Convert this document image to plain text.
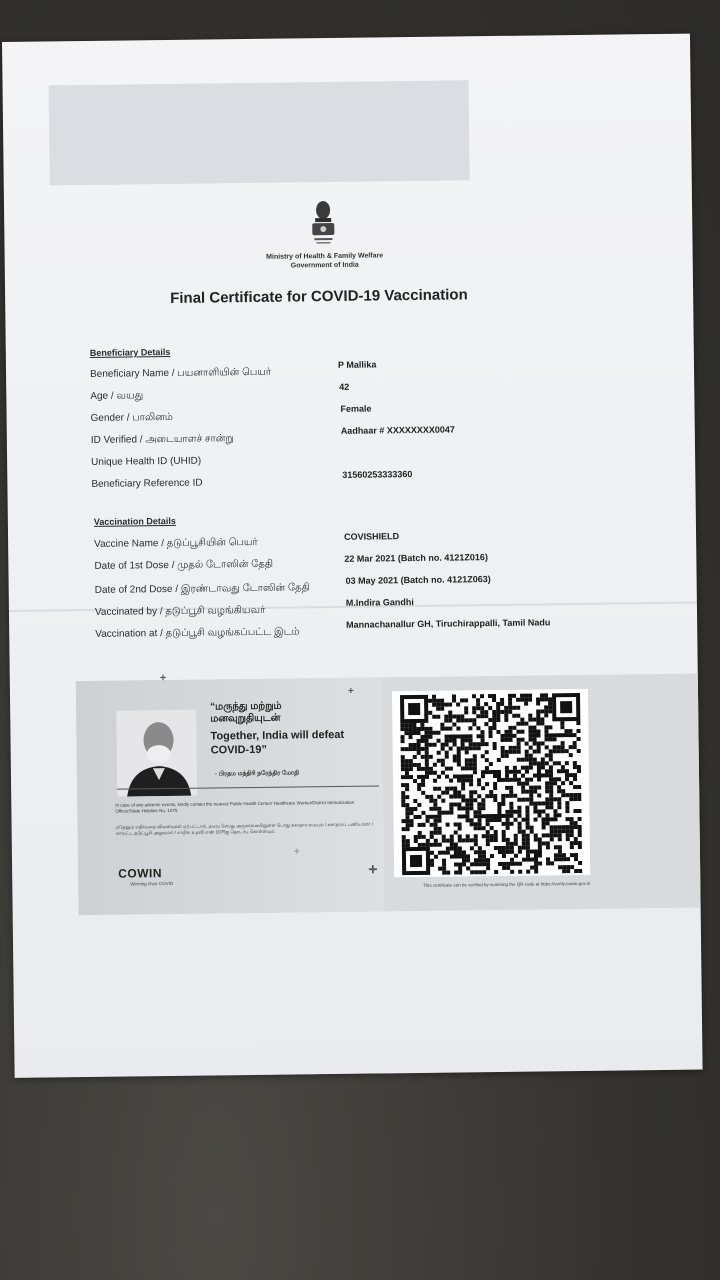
Ministry of Health & Family Welfare
Government of India
Final Certificate for COVID-19 Vaccination
Beneficiary Details
Beneficiary Name / பயனாளியின் பெயர்
P Mallika
Age / வயது
42
Gender / பாலினம்
Female
ID Verified / அடையாளச் சான்று
Aadhaar # XXXXXXXX0047
Unique Health ID (UHID)
Beneficiary Reference ID
31560253333360
Vaccination Details
Vaccine Name / தடுப்பூசியின் பெயர்
COVISHIELD
Date of 1st Dose / முதல் டோஸின் தேதி
22 Mar 2021 (Batch no. 4121Z016)
Date of 2nd Dose / இரண்டாவது டோஸின் தேதி
03 May 2021 (Batch no. 4121Z063)
Vaccinated by / தடுப்பூசி வழங்கியவர்
M.Indira Gandhi
Vaccination at / தடுப்பூசி வழங்கப்பட்ட இடம்
Mannachanallur GH, Tiruchirappalli, Tamil Nadu
“மருந்து மற்றும்
மனவுறுதியுடன்
Together, India will defeat COVID-19”
- பிரதம மந்திரி நரேந்திர மோதி
In case of any adverse events, kindly contact the nearest Public Health Center/ Healthcare Worker/District Immunization Officer/State Helpline No. 1075
ஏதேனும் எதிர்மறை விளைவுகள் ஏற்பட்டால், தயவு செய்து அருகாமையிலுள்ள பொது சுகாதார மையம் / சுகாதாரப் பணியாளர் / மாவட்ட தடுப்பூசி அலுவலர் / மாநில உதவி எண் 1075ஐ தொடர்பு கொள்ளவும்.
COWIN
Winning Over COVID
+
+
+
+
This certificate can be verified by scanning the QR code at https://verify.cowin.gov.in
